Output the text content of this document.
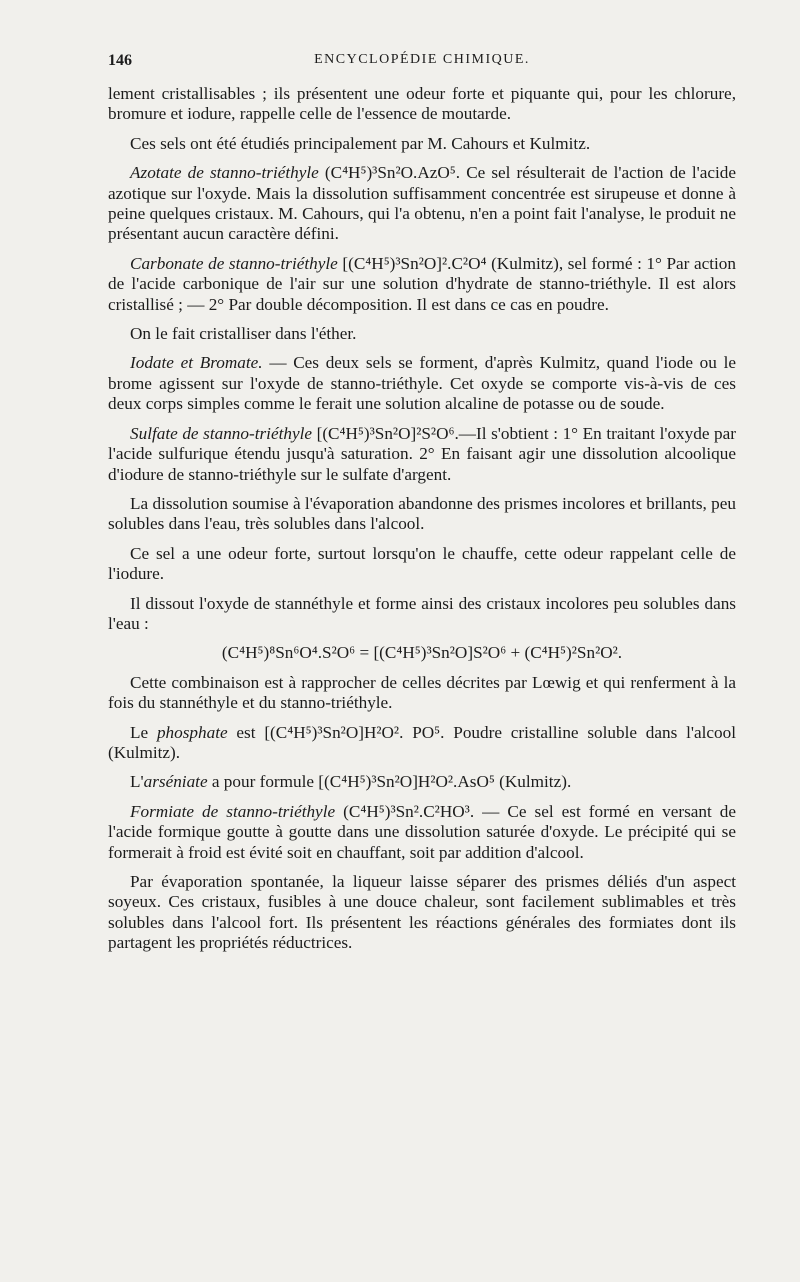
146	ENCYCLOPÉDIE CHIMIQUE.

lement cristallisables ; ils présentent une odeur forte et piquante qui, pour les chlorure, bromure et iodure, rappelle celle de l'essence de moutarde.

Ces sels ont été étudiés principalement par M. Cahours et Kulmitz.

Azotate de stanno-triéthyle (C⁴H⁵)³Sn²O.AzO⁵. Ce sel résulterait de l'action de l'acide azotique sur l'oxyde. Mais la dissolution suffisamment concentrée est sirupeuse et donne à peine quelques cristaux. M. Cahours, qui l'a obtenu, n'en a point fait l'analyse, le produit ne présentant aucun caractère défini.

Carbonate de stanno-triéthyle [(C⁴H⁵)³Sn²O]².C²O⁴ (Kulmitz), sel formé : 1° Par action de l'acide carbonique de l'air sur une solution d'hydrate de stanno-triéthyle. Il est alors cristallisé ; — 2° Par double décomposition. Il est dans ce cas en poudre.

On le fait cristalliser dans l'éther.

Iodate et Bromate. — Ces deux sels se forment, d'après Kulmitz, quand l'iode ou le brome agissent sur l'oxyde de stanno-triéthyle. Cet oxyde se comporte vis-à-vis de ces deux corps simples comme le ferait une solution alcaline de potasse ou de soude.

Sulfate de stanno-triéthyle [(C⁴H⁵)³Sn²O]²S²O⁶.—Il s'obtient : 1° En traitant l'oxyde par l'acide sulfurique étendu jusqu'à saturation. 2° En faisant agir une dissolution alcoolique d'iodure de stanno-triéthyle sur le sulfate d'argent.

La dissolution soumise à l'évaporation abandonne des prismes incolores et brillants, peu solubles dans l'eau, très solubles dans l'alcool.

Ce sel a une odeur forte, surtout lorsqu'on le chauffe, cette odeur rappelant celle de l'iodure.

Il dissout l'oxyde de stannéthyle et forme ainsi des cristaux incolores peu solubles dans l'eau :

(C⁴H⁵)⁸Sn⁶O⁴.S²O⁶ = [(C⁴H⁵)³Sn²O]S²O⁶ + (C⁴H⁵)²Sn²O².

Cette combinaison est à rapprocher de celles décrites par Lœwig et qui renferment à la fois du stannéthyle et du stanno-triéthyle.

Le phosphate est [(C⁴H⁵)³Sn²O]H²O². PO⁵. Poudre cristalline soluble dans l'alcool (Kulmitz).

L'arséniate a pour formule [(C⁴H⁵)³Sn²O]H²O².AsO⁵ (Kulmitz).

Formiate de stanno-triéthyle (C⁴H⁵)³Sn².C²HO³. — Ce sel est formé en versant de l'acide formique goutte à goutte dans une dissolution saturée d'oxyde. Le précipité qui se formerait à froid est évité soit en chauffant, soit par addition d'alcool.

Par évaporation spontanée, la liqueur laisse séparer des prismes déliés d'un aspect soyeux. Ces cristaux, fusibles à une douce chaleur, sont facilement sublimables et très solubles dans l'alcool fort. Ils présentent les réactions générales des formiates dont ils partagent les propriétés réductrices.
